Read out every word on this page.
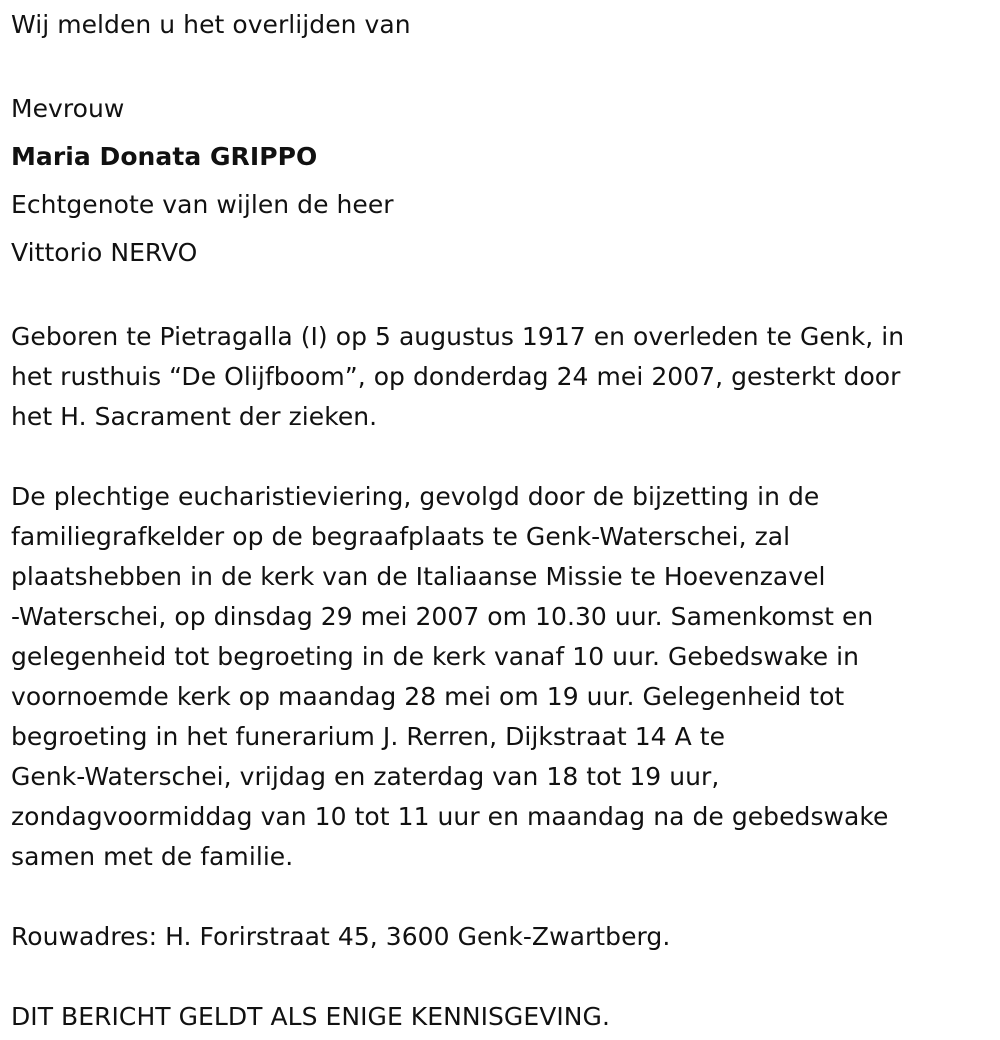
Wij melden u het overlijden van
Mevrouw
Maria Donata GRIPPO
Echtgenote van wijlen de heer
Vittorio NERVO
Geboren te Pietragalla (I) op 5 augustus 1917 en overleden te Genk, in
het rusthuis “De Olijfboom”, op donderdag 24 mei 2007, gesterkt door
het H. Sacrament der zieken.
De plechtige eucharistieviering, gevolgd door de bijzetting in de
familiegrafkelder op de begraafplaats te Genk-Waterschei, zal
plaatshebben in de kerk van de Italiaanse Missie te Hoevenzavel
-Waterschei, op dinsdag 29 mei 2007 om 10.30 uur. Samenkomst en
gelegenheid tot begroeting in de kerk vanaf 10 uur. Gebedswake in
voornoemde kerk op maandag 28 mei om 19 uur. Gelegenheid tot
begroeting in het funerarium J. Rerren, Dijkstraat 14 A te
Genk-Waterschei, vrijdag en zaterdag van 18 tot 19 uur,
zondagvoormiddag van 10 tot 11 uur en maandag na de gebedswake
samen met de familie.
Rouwadres: H. Forirstraat 45, 3600 Genk-Zwartberg.
DIT BERICHT GELDT ALS ENIGE KENNISGEVING.
